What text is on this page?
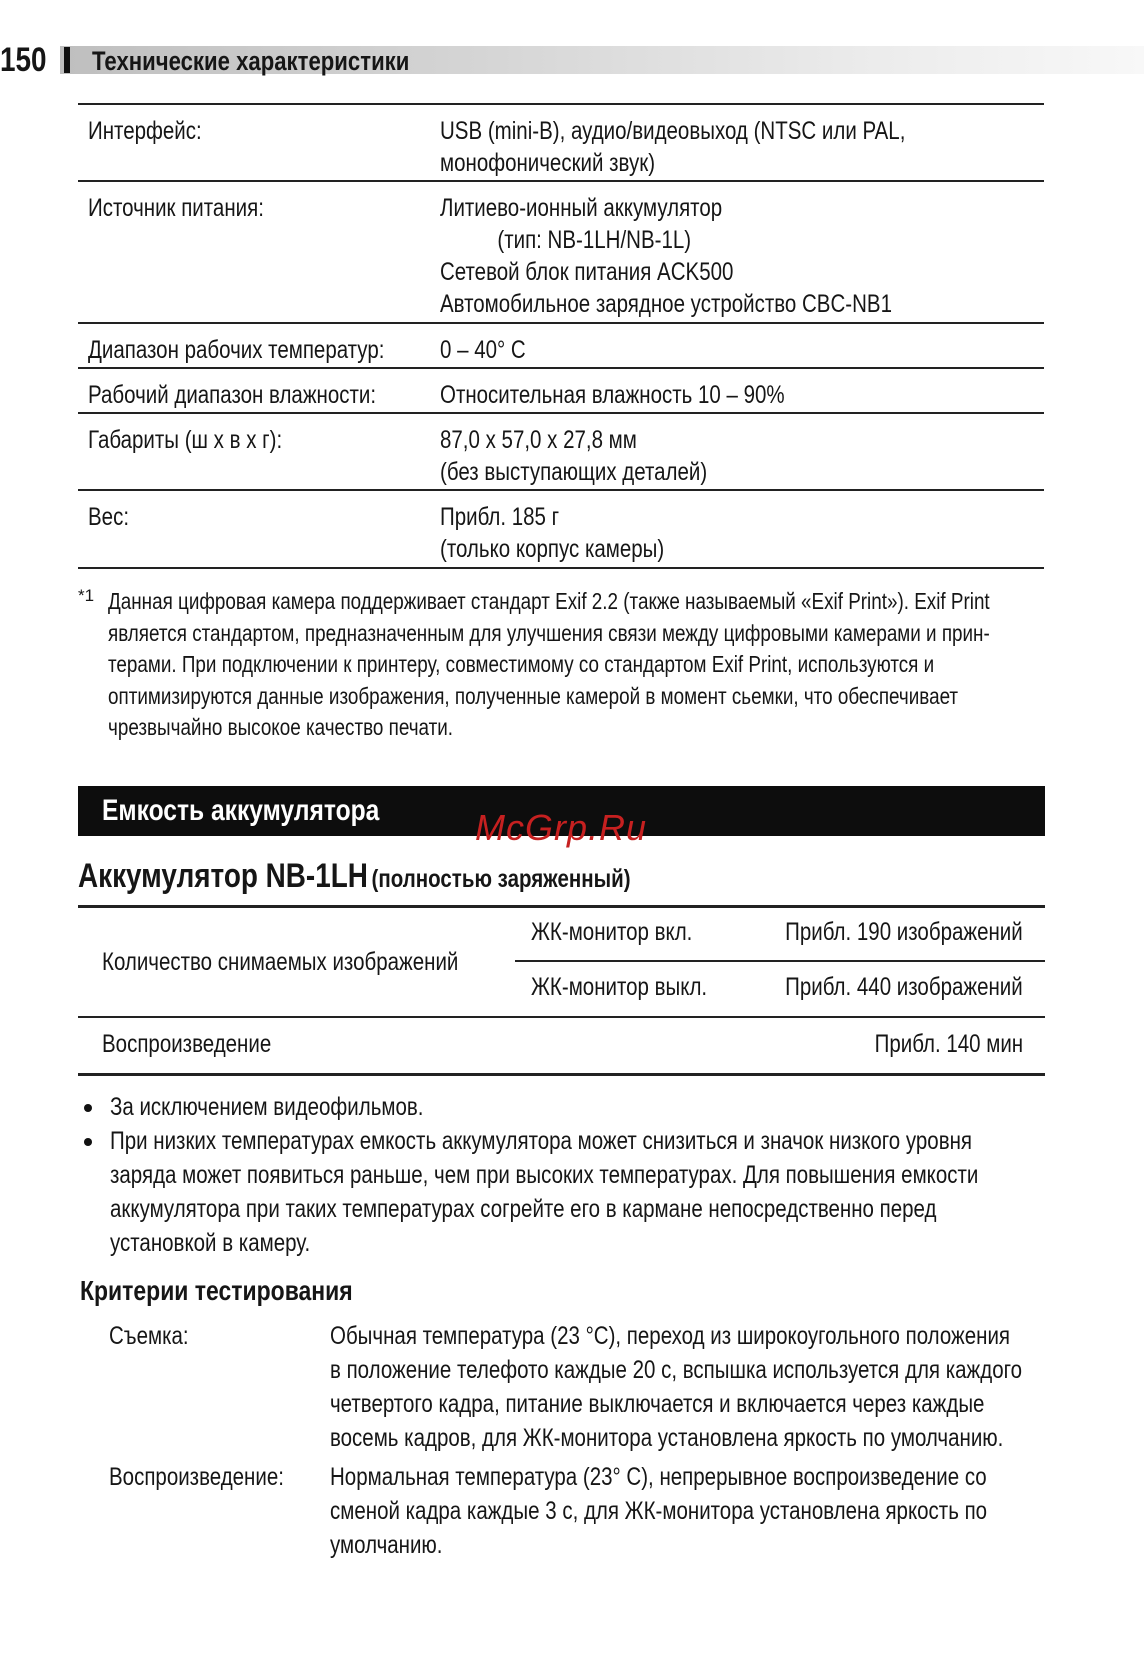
150 Технические характеристики
Интерфейс:	USB (mini-B), аудио/видеовыход (NTSC или PAL,
монофонический звук)
Источник питания:	Литиево-ионный аккумулятор
(тип: NB-1LH/NB-1L)
Сетевой блок питания ACK500
Автомобильное зарядное устройство CBC-NB1
Диапазон рабочих температур: 0 – 40° C
Рабочий диапазон влажности:	Относительная влажность 10 – 90%
Габариты (ш х в х г):	87,0 x 57,0 x 27,8 мм
(без выступающих деталей)
Вес:	Прибл. 185 г
(только корпус камеры)
*1 Данная цифровая камера поддерживает стандарт Exif 2.2 (также называемый «Exif Print»). Exif Print
является стандартом, предназначенным для улучшения связи между цифровыми камерами и прин-
терами. При подключении к принтеру, совместимому со стандартом Exif Print, используются и
оптимизируются данные изображения, полученные камерой в момент сьемки, что обеспечивает
чрезвычайно высокое качество печати.
Емкость аккумулятора	McGrp.Ru
Аккумулятор NB-1LH (полностью заряженный)
Количество снимаемых изображений
ЖК-монитор вкл.	Прибл. 190 изображений
ЖК-монитор выкл.	Прибл. 440 изображений
Воспроизведение	Прибл. 140 мин
За исключением видеофильмов.
При низких температурах емкость аккумулятора может снизиться и значок низкого уровня
заряда может появиться раньше, чем при высоких температурах. Для повышения емкости
аккумулятора при таких температурах согрейте его в кармане непосредственно перед
установкой в камеру.
Критерии тестирования
Съемка:	Обычная температура (23 °C), переход из широкоугольного положения
в положение телефото каждые 20 с, вспышка используется для каждого
четвертого кадра, питание выключается и включается через каждые
восемь кадров, для ЖК-монитора установлена яркость по умолчанию.
Воспроизведение: Нормальная температура (23° C), непрерывное воспроизведение со
сменой кадра каждые 3 с, для ЖК-монитора установлена яркость по
умолчанию.
